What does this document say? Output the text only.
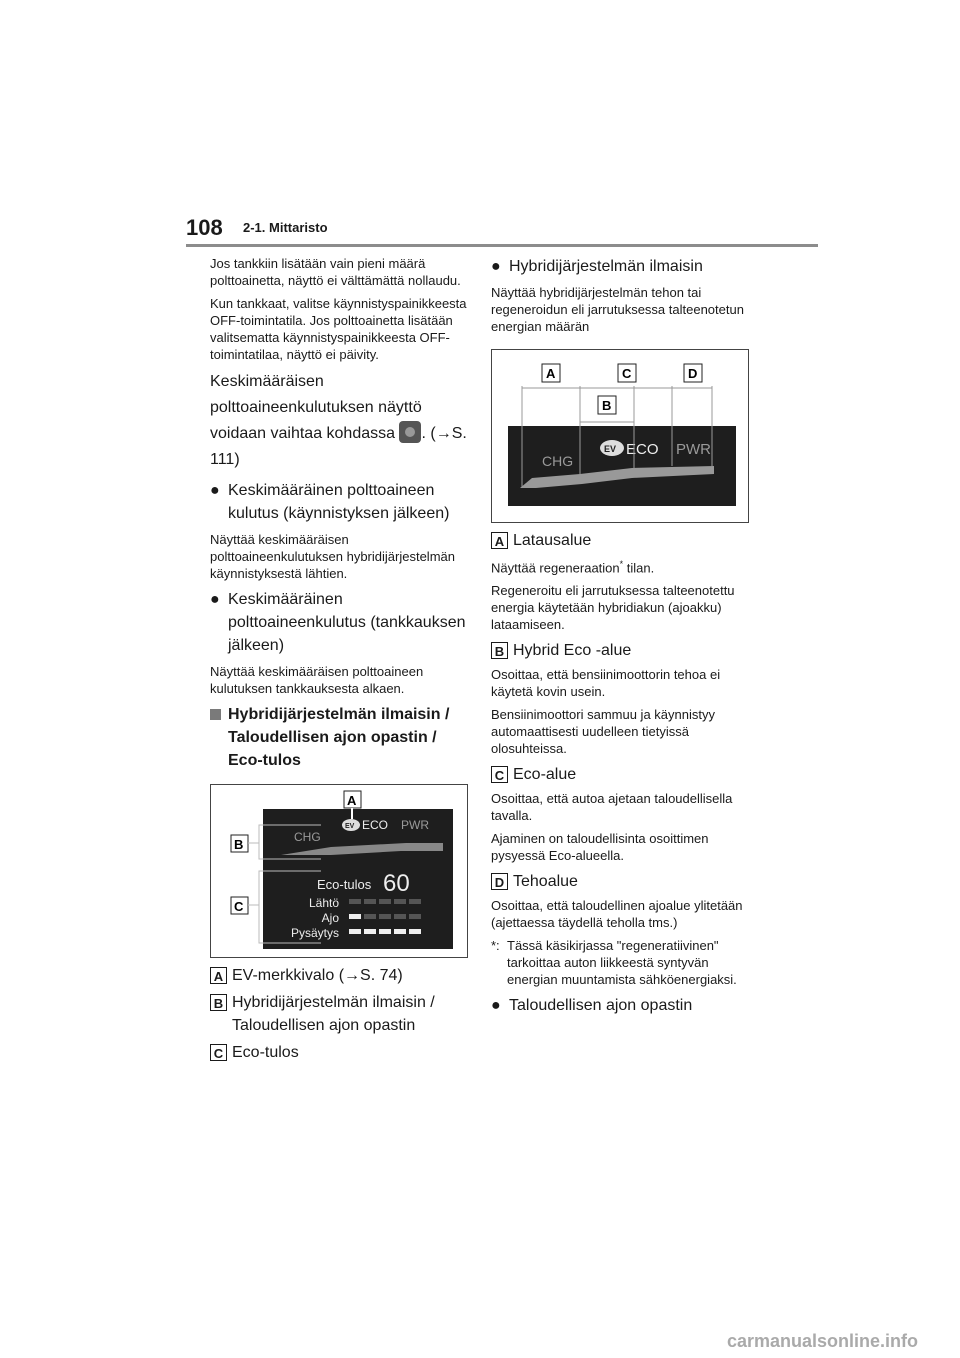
108 2-1. Mittaristo

Jos tankkiin lisätään vain pieni määrä polttoainetta, näyttö ei välttämättä nollaudu.

Kun tankkaat, valitse käynnistyspainikkeesta OFF-toimintatila. Jos polttoainetta lisätään valitsematta käynnistyspainikkeesta OFF-toimintatilaa, näyttö ei päivity.

Keskimääräisen polttoaineenkulutuksen näyttö voidaan vaihtaa kohdassa . (→S. 111)

● Keskimääräinen polttoaineen kulutus (käynnistyksen jälkeen)

Näyttää keskimääräisen polttoaineenkulutuksen hybridijärjestelmän käynnistyksestä lähtien.

● Keskimääräinen polttoaineenkulutus (tankkauksen jälkeen)

Näyttää keskimääräisen polttoaineen kulutuksen tankkauksesta alkaen.

Hybridijärjestelmän ilmaisin / Taloudellisen ajon opastin / Eco-tulos
CHG
EV ECO PWR
Eco-tulos 60
Lähtö
Ajo
Pysäytys
A
B
C
A EV-merkkivalo (→S. 74)
B Hybridijärjestelmän ilmaisin / Taloudellisen ajon opastin
C Eco-tulos
● Hybridijärjestelmän ilmaisin

Näyttää hybridijärjestelmän tehon tai regeneroidun eli jarrutuksessa talteenotetun energian määrän

CHG
EV ECO PWR
A	C	D
B
A Latausalue

Näyttää regeneraation* tilan.

Regeneroitu eli jarrutuksessa talteenotettu energia käytetään hybridiakun (ajoakku) lataamiseen.

B Hybrid Eco -alue

Osoittaa, että bensiinimoottorin tehoa ei käytetä kovin usein.

Bensiinimoottori sammuu ja käynnistyy automaattisesti uudelleen tietyissä olosuhteissa.

C Eco-alue

Osoittaa, että autoa ajetaan taloudellisella tavalla.

Ajaminen on taloudellisinta osoittimen pysyessä Eco-alueella.

D Tehoalue

Osoittaa, että taloudellinen ajoalue ylitetään (ajettaessa täydellä teholla tms.)

*: Tässä käsikirjassa "regeneratiivinen" tarkoittaa auton liikkeestä syntyvän energian muuntamista sähköenergiaksi.
● Taloudellisen ajon opastin
carmanualsonline.info
